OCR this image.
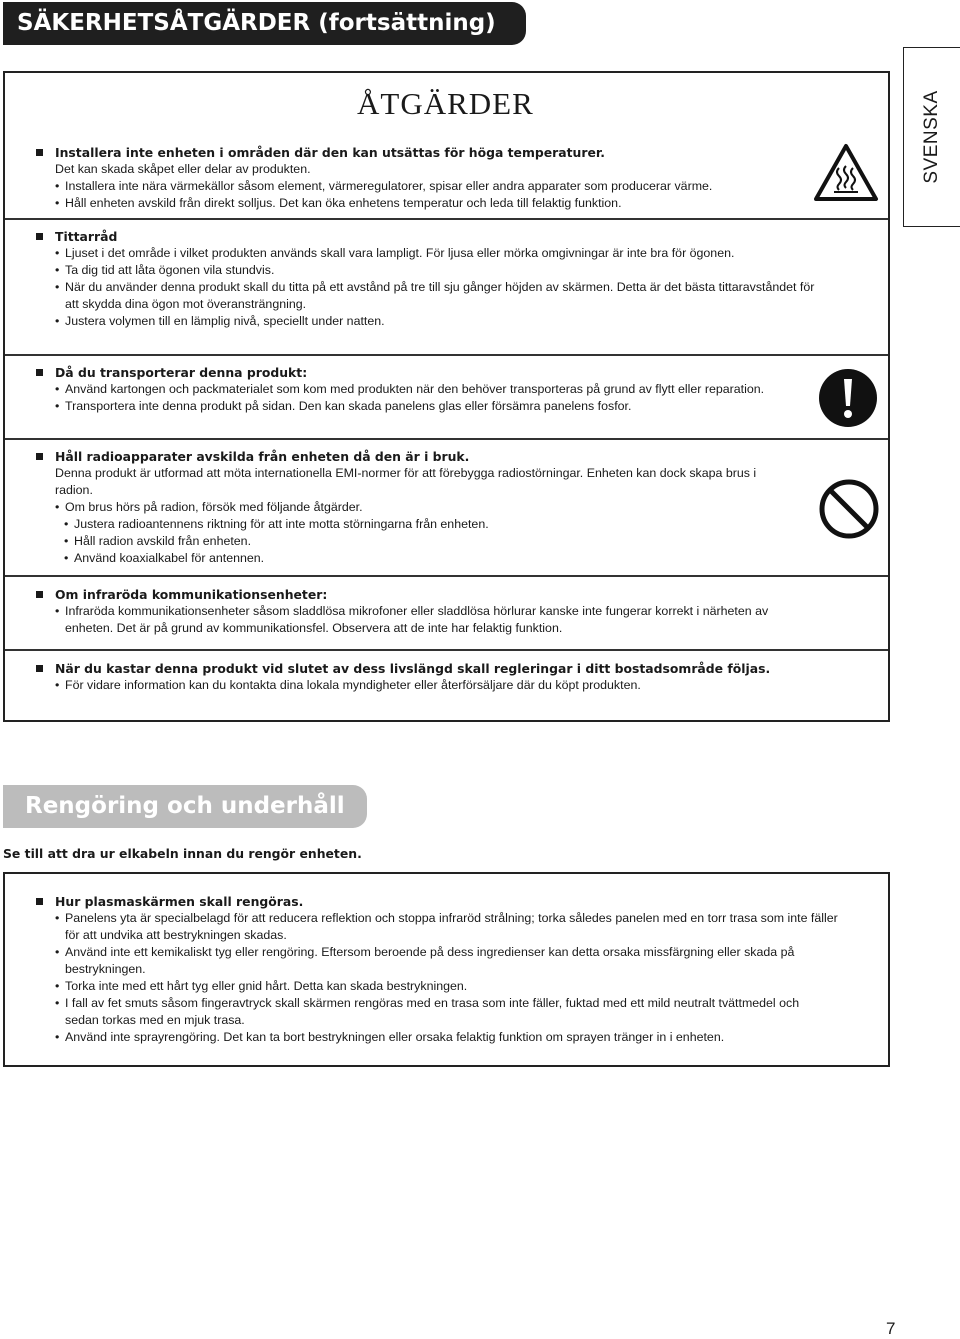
SÄKERHETSÅTGÄRDER (fortsättning)
SVENSKA
ÅTGÄRDER
Installera inte enheten i områden där den kan utsättas för höga temperaturer.
Det kan skada skåpet eller delar av produkten.
• Installera inte nära värmekällor såsom element, värmeregulatorer, spisar eller andra apparater som producerar värme.
• Håll enheten avskild från direkt solljus. Det kan öka enhetens temperatur och leda till felaktig funktion.
Tittarråd
• Ljuset i det område i vilket produkten används skall vara lampligt. För ljusa eller mörka omgivningar är inte bra för ögonen.
• Ta dig tid att låta ögonen vila stundvis.
• När du använder denna produkt skall du titta på ett avstånd på tre till sju gånger höjden av skärmen. Detta är det bästa tittaravståndet för att skydda dina ögon mot överansträngning.
• Justera volymen till en lämplig nivå, speciellt under natten.
Då du transporterar denna produkt:
• Använd kartongen och packmaterialet som kom med produkten när den behöver transporteras på grund av flytt eller reparation.
• Transportera inte denna produkt på sidan. Den kan skada panelens glas eller försämra panelens fosfor.
Håll radioapparater avskilda från enheten då den är i bruk.
Denna produkt är utformad att möta internationella EMI-normer för att förebygga radiostörningar. Enheten kan dock skapa brus i radion.
• Om brus hörs på radion, försök med följande åtgärder.
• Justera radioantennens riktning för att inte motta störningarna från enheten.
• Håll radion avskild från enheten.
• Använd koaxialkabel för antennen.
Om infraröda kommunikationsenheter:
• Infraröda kommunikationsenheter såsom sladdlösa mikrofoner eller sladdlösa hörlurar kanske inte fungerar korrekt i närheten av enheten. Det är på grund av kommunikationsfel. Observera att de inte har felaktig funktion.
När du kastar denna produkt vid slutet av dess livslängd skall regleringar i ditt bostadsområde följas.
• För vidare information kan du kontakta dina lokala myndigheter eller återförsäljare där du köpt produkten.
Rengöring och underhåll
Se till att dra ur elkabeln innan du rengör enheten.
Hur plasmaskärmen skall rengöras.
• Panelens yta är specialbelagd för att reducera reflektion och stoppa infraröd strålning; torka således panelen med en torr trasa som inte fäller för att undvika att bestrykningen skadas.
• Använd inte ett kemikaliskt tyg eller rengöring. Eftersom beroende på dess ingredienser kan detta orsaka missfärgning eller skada på bestrykningen.
• Torka inte med ett hårt tyg eller gnid hårt. Detta kan skada bestrykningen.
• I fall av fet smuts såsom fingeravtryck skall skärmen rengöras med en trasa som inte fäller, fuktad med ett mild neutralt tvättmedel och sedan torkas med en mjuk trasa.
• Använd inte sprayrengöring. Det kan ta bort bestrykningen eller orsaka felaktig funktion om sprayen tränger in i enheten.
7
